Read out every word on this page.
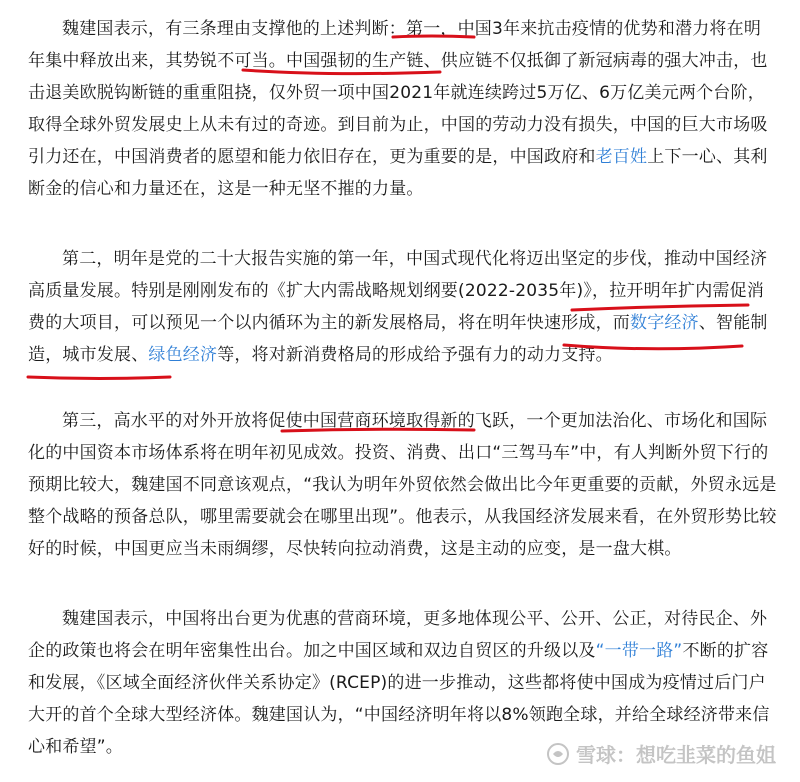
魏建国表示，有三条理由支撑他的上述判断：第一，中国3年来抗击疫情的优势和潜力将在明年集中释放出来，其势锐不可当。中国强韧的生产链、供应链不仅抵御了新冠病毒的强大冲击，也击退美欧脱钩断链的重重阻挠，仅外贸一项中国2021年就连续跨过5万亿、6万亿美元两个台阶，取得全球外贸发展史上从未有过的奇迹。到目前为止，中国的劳动力没有损失，中国的巨大市场吸引力还在，中国消费者的愿望和能力依旧存在，更为重要的是，中国政府和老百姓上下一心、其利断金的信心和力量还在，这是一种无坚不摧的力量。

第二，明年是党的二十大报告实施的第一年，中国式现代化将迈出坚定的步伐，推动中国经济高质量发展。特别是刚刚发布的《扩大内需战略规划纲要(2022-2035年)》，拉开明年扩内需促消费的大项目，可以预见一个以内循环为主的新发展格局，将在明年快速形成，而数字经济、智能制造，城市发展、绿色经济等，将对新消费格局的形成给予强有力的动力支持。

第三，高水平的对外开放将促使中国营商环境取得新的飞跃，一个更加法治化、市场化和国际化的中国资本市场体系将在明年初见成效。投资、消费、出口“三驾马车”中，有人判断外贸下行的预期比较大，魏建国不同意该观点，“我认为明年外贸依然会做出比今年更重要的贡献，外贸永远是整个战略的预备总队，哪里需要就会在哪里出现”。他表示，从我国经济发展来看，在外贸形势比较好的时候，中国更应当未雨绸缪，尽快转向拉动消费，这是主动的应变，是一盘大棋。

魏建国表示，中国将出台更为优惠的营商环境，更多地体现公平、公开、公正，对待民企、外企的政策也将会在明年密集性出台。加之中国区域和双边自贸区的升级以及“一带一路”不断的扩容和发展，《区域全面经济伙伴关系协定》(RCEP)的进一步推动，这些都将使中国成为疫情过后门户大开的首个全球大型经济体。魏建国认为，“中国经济明年将以8%领跑全球，并给全球经济带来信心和希望”。	雪球：想吃韭菜的鱼姐
